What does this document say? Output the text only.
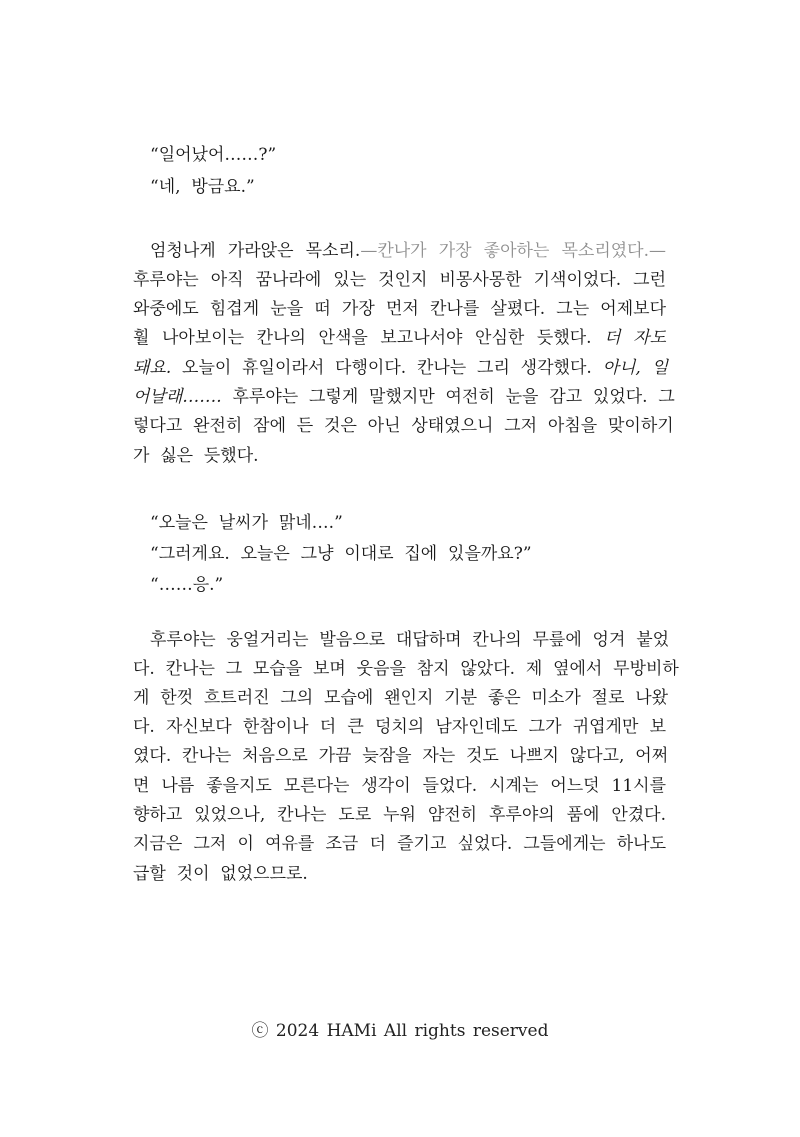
“일어났어……?”
“네,  방금요.”
엄청나게  가라앉은  목소리.—칸나가  가장  좋아하는  목소리였다.—
후루야는  아직  꿈나라에  있는  것인지  비몽사몽한  기색이었다.  그런
와중에도  힘겹게  눈을  떠  가장  먼저  칸나를  살폈다.  그는  어제보다
훨  나아보이는  칸나의  안색을  보고나서야  안심한  듯했다.  더  자도
돼요.  오늘이  휴일이라서  다행이다.  칸나는  그리  생각했다.  아니,  일
어날래…….  후루야는  그렇게  말했지만  여전히  눈을  감고  있었다.  그
렇다고  완전히  잠에  든  것은  아닌  상태였으니  그저  아침을  맞이하기
가  싫은  듯했다.
“오늘은  날씨가  맑네….”
“그러게요.  오늘은  그냥  이대로  집에  있을까요?”
“……응.”
후루야는  웅얼거리는  발음으로  대답하며  칸나의  무릎에  엉겨  붙었
다.  칸나는  그  모습을  보며  웃음을  참지  않았다.  제  옆에서  무방비하
게  한껏  흐트러진  그의  모습에  왠인지  기분  좋은  미소가  절로  나왔
다.  자신보다  한참이나  더  큰  덩치의  남자인데도  그가  귀엽게만  보
였다.  칸나는  처음으로  가끔  늦잠을  자는  것도  나쁘지  않다고,  어쩌
면  나름  좋을지도  모른다는  생각이  들었다.  시계는  어느덧  11시를
향하고  있었으나,  칸나는  도로  누워  얌전히  후루야의  품에  안겼다.
지금은  그저  이  여유를  조금  더  즐기고  싶었다.  그들에게는  하나도
급할  것이  없었으므로.
ⓒ 2024 HAMi All rights reserved
